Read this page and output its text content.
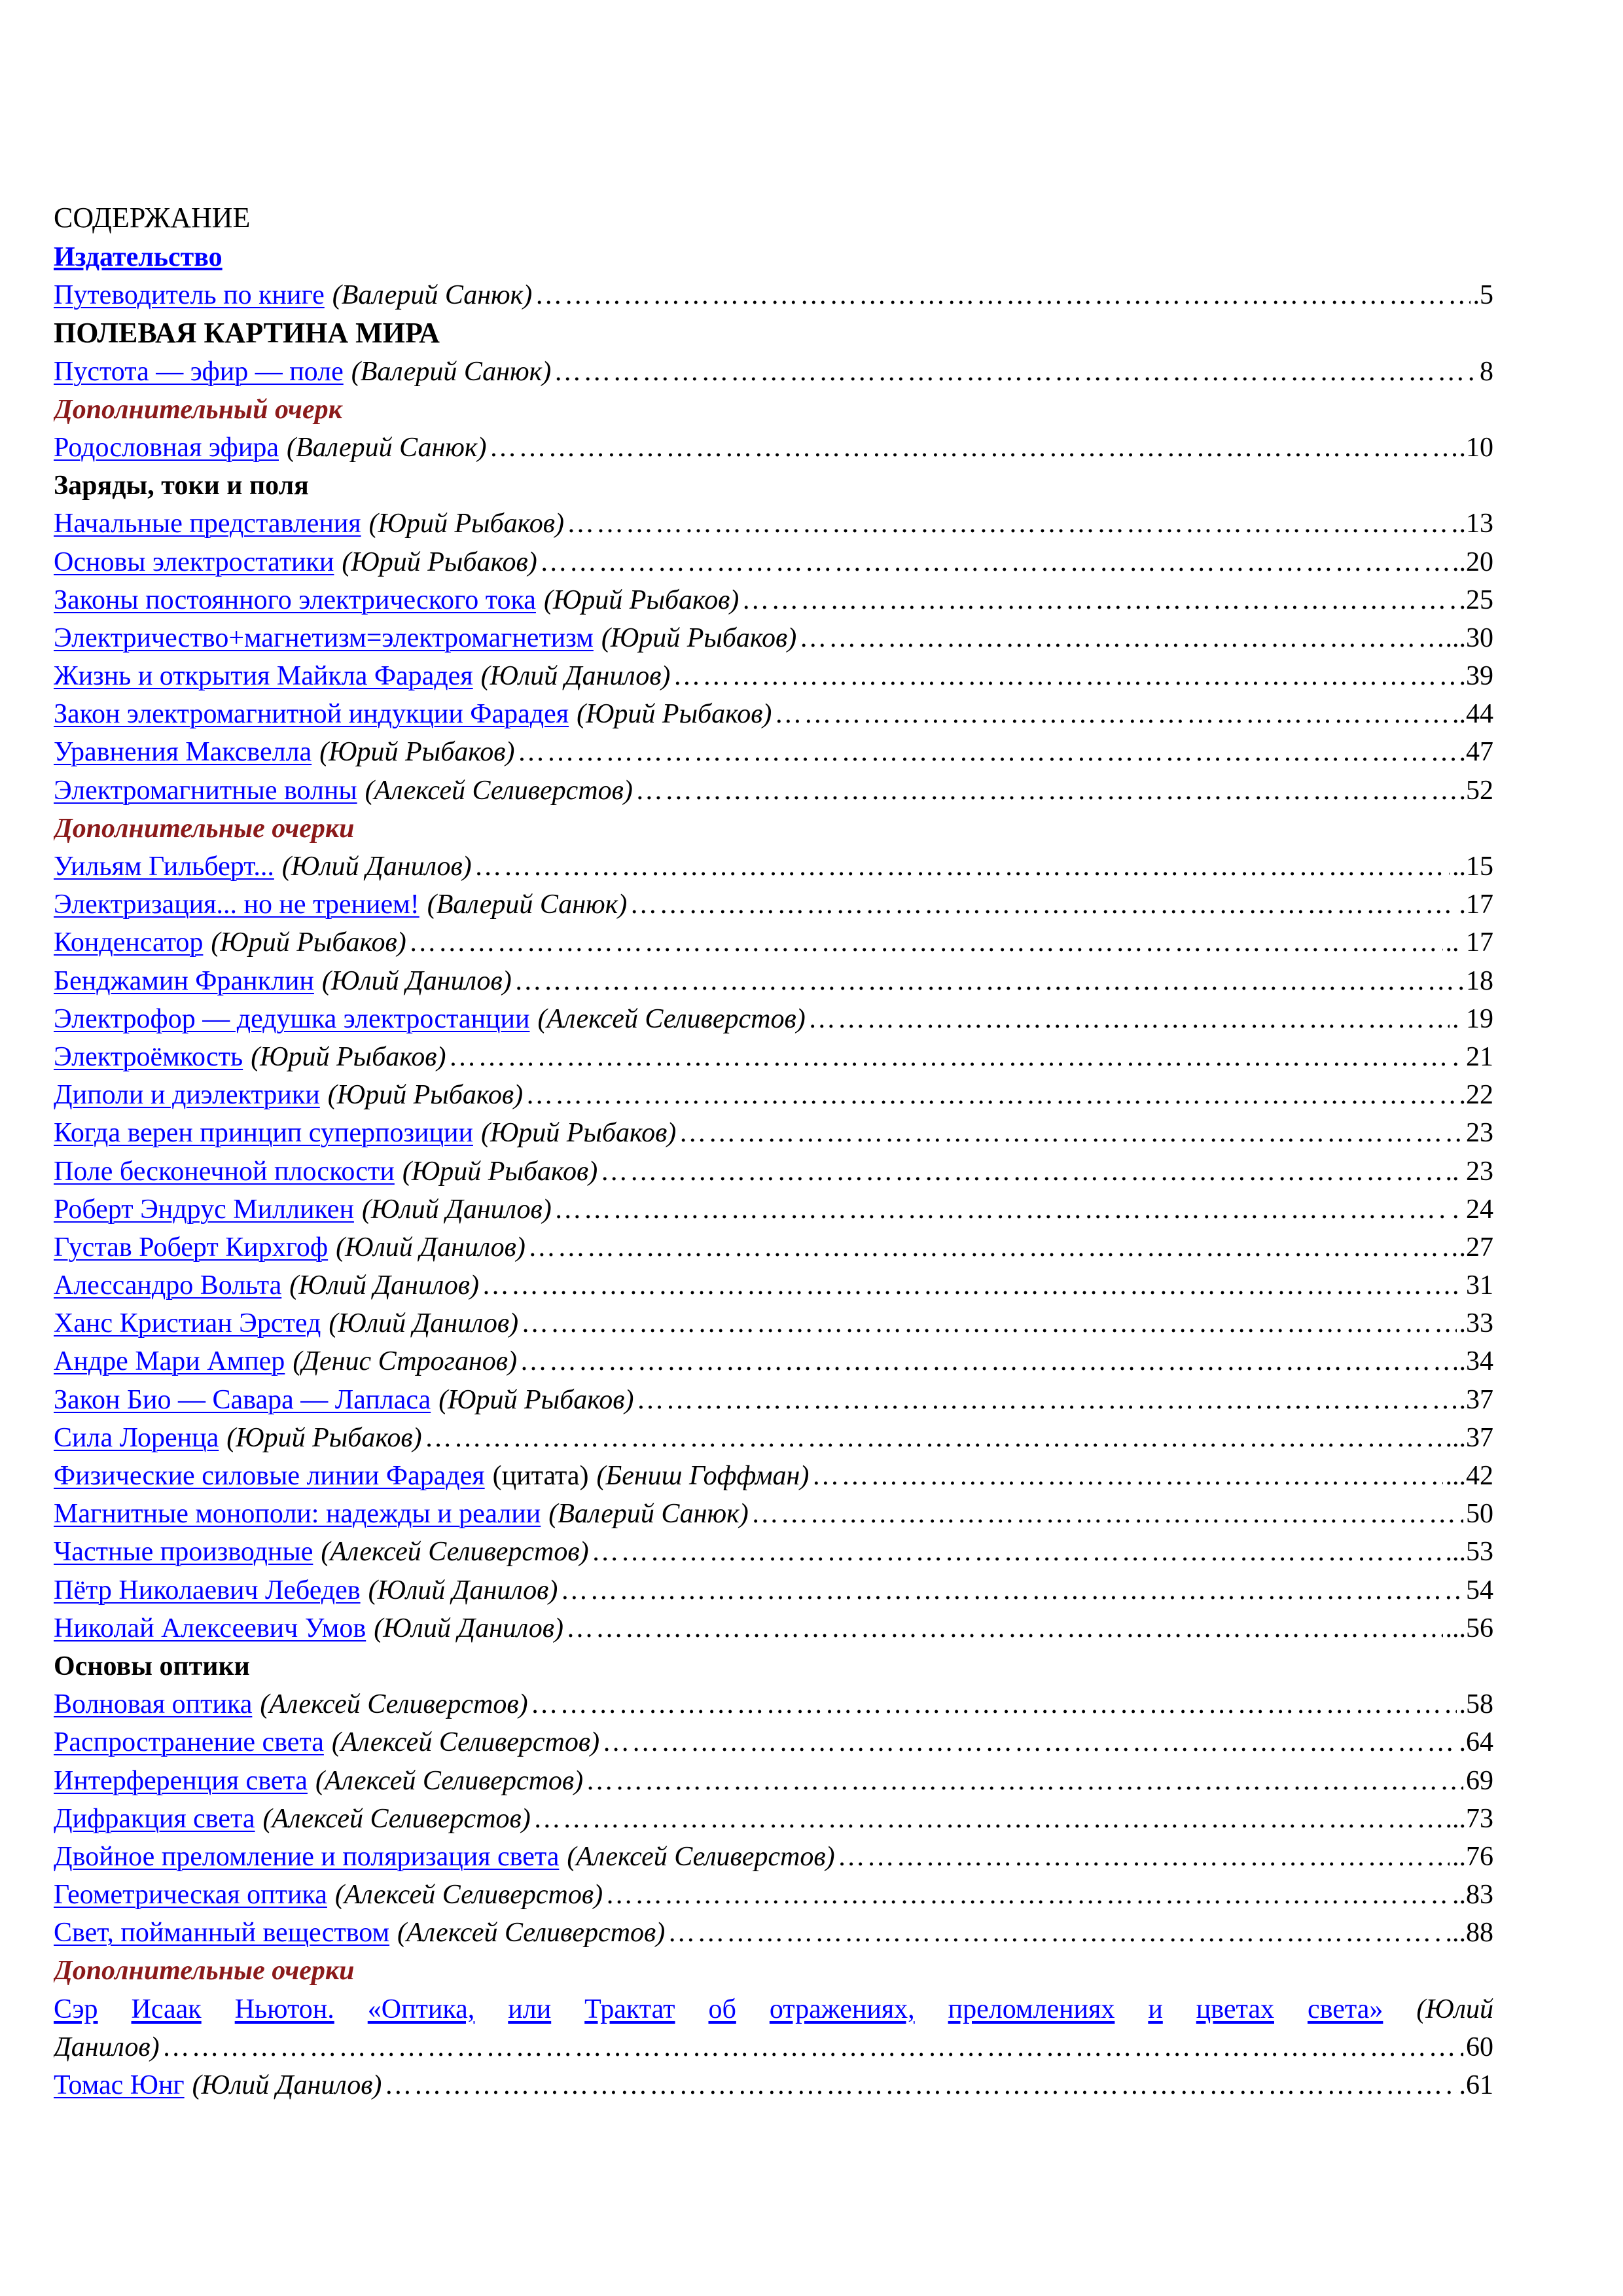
СОДЕРЖАНИЕ
Издательство
Путеводитель по книге (Валерий Санюк) ………………………………………………………………………………………………………………………………………………………………………………………………………………………………………………………………	.5
ПОЛЕВАЯ КАРТИНА МИРА
Пустота — эфир — поле (Валерий Санюк) ………………………………………………………………………………………………………………………………………………………………………………………………………………………………………………………………	8
Дополнительный очерк
Родословная эфира (Валерий Санюк) ………………………………………………………………………………………………………………………………………………………………………………………………………………………………………………………………	.10
Заряды, токи и поля
Начальные представления (Юрий Рыбаков) ………………………………………………………………………………………………………………………………………………………………………………………………………………………………………………………………	.13
Основы электростатики (Юрий Рыбаков) ………………………………………………………………………………………………………………………………………………………………………………………………………………………………………………………………	..20
Законы постоянного электрического тока (Юрий Рыбаков) ………………………………………………………………………………………………………………………………………………………………………………………………………………………………………………………………	.25
Электричество+магнетизм=электромагнетизм (Юрий Рыбаков) ………………………………………………………………………………………………………………………………………………………………………………………………………………………………………………………………	...30
Жизнь и открытия Майкла Фарадея (Юлий Данилов) ………………………………………………………………………………………………………………………………………………………………………………………………………………………………………………………………	.39
Закон электромагнитной индукции Фарадея (Юрий Рыбаков) ………………………………………………………………………………………………………………………………………………………………………………………………………………………………………………………………	..44
Уравнения Максвелла (Юрий Рыбаков) ………………………………………………………………………………………………………………………………………………………………………………………………………………………………………………………………	.47
Электромагнитные волны (Алексей Селиверстов) ………………………………………………………………………………………………………………………………………………………………………………………………………………………………………………………………	.52
Дополнительные очерки
Уильям Гильберт... (Юлий Данилов) ………………………………………………………………………………………………………………………………………………………………………………………………………………………………………………………………	..15
Электризация... но не трением! (Валерий Санюк) ………………………………………………………………………………………………………………………………………………………………………………………………………………………………………………………………	.17
Конденсатор (Юрий Рыбаков) ………………………………………………………………………………………………………………………………………………………………………………………………………………………………………………………………	.. 17
Бенджамин Франклин (Юлий Данилов) ………………………………………………………………………………………………………………………………………………………………………………………………………………………………………………………………	18
Электрофор — дедушка электростанции (Алексей Селиверстов) ………………………………………………………………………………………………………………………………………………………………………………………………………………………………………………………………	. 19
Электроёмкость (Юрий Рыбаков) ………………………………………………………………………………………………………………………………………………………………………………………………………………………………………………………………	. 21
Диполи и диэлектрики (Юрий Рыбаков) ………………………………………………………………………………………………………………………………………………………………………………………………………………………………………………………………	.22
Когда верен принцип суперпозиции (Юрий Рыбаков) ………………………………………………………………………………………………………………………………………………………………………………………………………………………………………………………………	23
Поле бесконечной плоскости (Юрий Рыбаков) ………………………………………………………………………………………………………………………………………………………………………………………………………………………………………………………………	.. 23
Роберт Эндрус Милликен (Юлий Данилов) ………………………………………………………………………………………………………………………………………………………………………………………………………………………………………………………………	. 24
Густав Роберт Кирхгоф (Юлий Данилов) ………………………………………………………………………………………………………………………………………………………………………………………………………………………………………………………………	.27
Алессандро Вольта (Юлий Данилов) ………………………………………………………………………………………………………………………………………………………………………………………………………………………………………………………………	. 31
Ханс Кристиан Эрстед (Юлий Данилов) ………………………………………………………………………………………………………………………………………………………………………………………………………………………………………………………………	.33
Андре Мари Ампер (Денис Строганов) ………………………………………………………………………………………………………………………………………………………………………………………………………………………………………………………………	.34
Закон Био — Савара — Лапласа (Юрий Рыбаков) ………………………………………………………………………………………………………………………………………………………………………………………………………………………………………………………………	.37
Сила Лоренца (Юрий Рыбаков) ………………………………………………………………………………………………………………………………………………………………………………………………………………………………………………………………	...37
Физические силовые линии Фарадея (цитата) (Бениш Гоффман) ………………………………………………………………………………………………………………………………………………………………………………………………………………………………………………………………	...42
Магнитные монополи: надежды и реалии (Валерий Санюк) ………………………………………………………………………………………………………………………………………………………………………………………………………………………………………………………………	50
Частные производные (Алексей Селиверстов) ………………………………………………………………………………………………………………………………………………………………………………………………………………………………………………………………	...53
Пётр Николаевич Лебедев (Юлий Данилов) ………………………………………………………………………………………………………………………………………………………………………………………………………………………………………………………………	54
Николай Алексеевич Умов (Юлий Данилов) ………………………………………………………………………………………………………………………………………………………………………………………………………………………………………………………………	...56
Основы оптики
Волновая оптика (Алексей Селиверстов) ………………………………………………………………………………………………………………………………………………………………………………………………………………………………………………………………	.58
Распространение света (Алексей Селиверстов) ………………………………………………………………………………………………………………………………………………………………………………………………………………………………………………………………	.64
Интерференция света (Алексей Селиверстов) ………………………………………………………………………………………………………………………………………………………………………………………………………………………………………………………………	69
Дифракция света (Алексей Селиверстов) ………………………………………………………………………………………………………………………………………………………………………………………………………………………………………………………………	...73
Двойное преломление и поляризация света (Алексей Селиверстов) ………………………………………………………………………………………………………………………………………………………………………………………………………………………………………………………………	..76
Геометрическая оптика (Алексей Селиверстов) ………………………………………………………………………………………………………………………………………………………………………………………………………………………………………………………………	..83
Свет, пойманный веществом (Алексей Селиверстов) ………………………………………………………………………………………………………………………………………………………………………………………………………………………………………………………………	...88
Дополнительные очерки
Сэр Исаак Ньютон. «Оптика, или Трактат об отражениях, преломлениях и цветах света» (Юлий
Данилов) ………………………………………………………………………………………………………………………………………………………………………………………………………………………………………………………………	60
Томас Юнг (Юлий Данилов) ………………………………………………………………………………………………………………………………………………………………………………………………………………………………………………………………	.61
